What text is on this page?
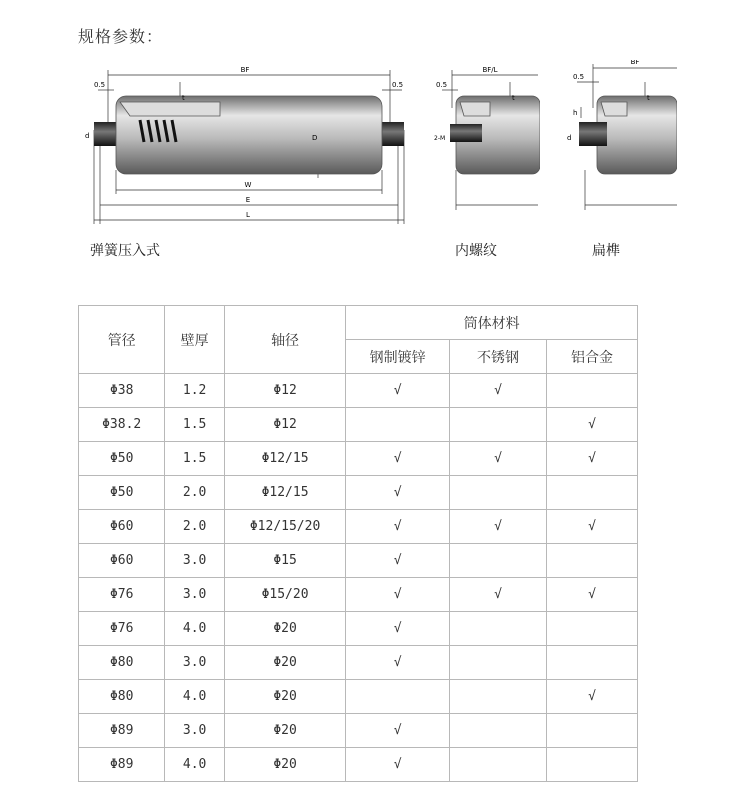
规格参数：
BF
0.5	0.5
t
d	D
W
E
L
弹簧压入式
BF/L
0.5
t
2-M
内螺纹
BF
0.5
t
h
d
扁榫
管径	壁厚	轴径	筒体材料		
			钢制镀锌	不锈钢	铝合金
Φ38	1.2	Φ12	√	√	
Φ38.2	1.5	Φ12			√
Φ50	1.5	Φ12/15	√	√	√
Φ50	2.0	Φ12/15	√		
Φ60	2.0	Φ12/15/20	√	√	√
Φ60	3.0	Φ15	√		
Φ76	3.0	Φ15/20	√	√	√
Φ76	4.0	Φ20	√		
Φ80	3.0	Φ20	√		
Φ80	4.0	Φ20			√
Φ89	3.0	Φ20	√		
Φ89	4.0	Φ20	√		
